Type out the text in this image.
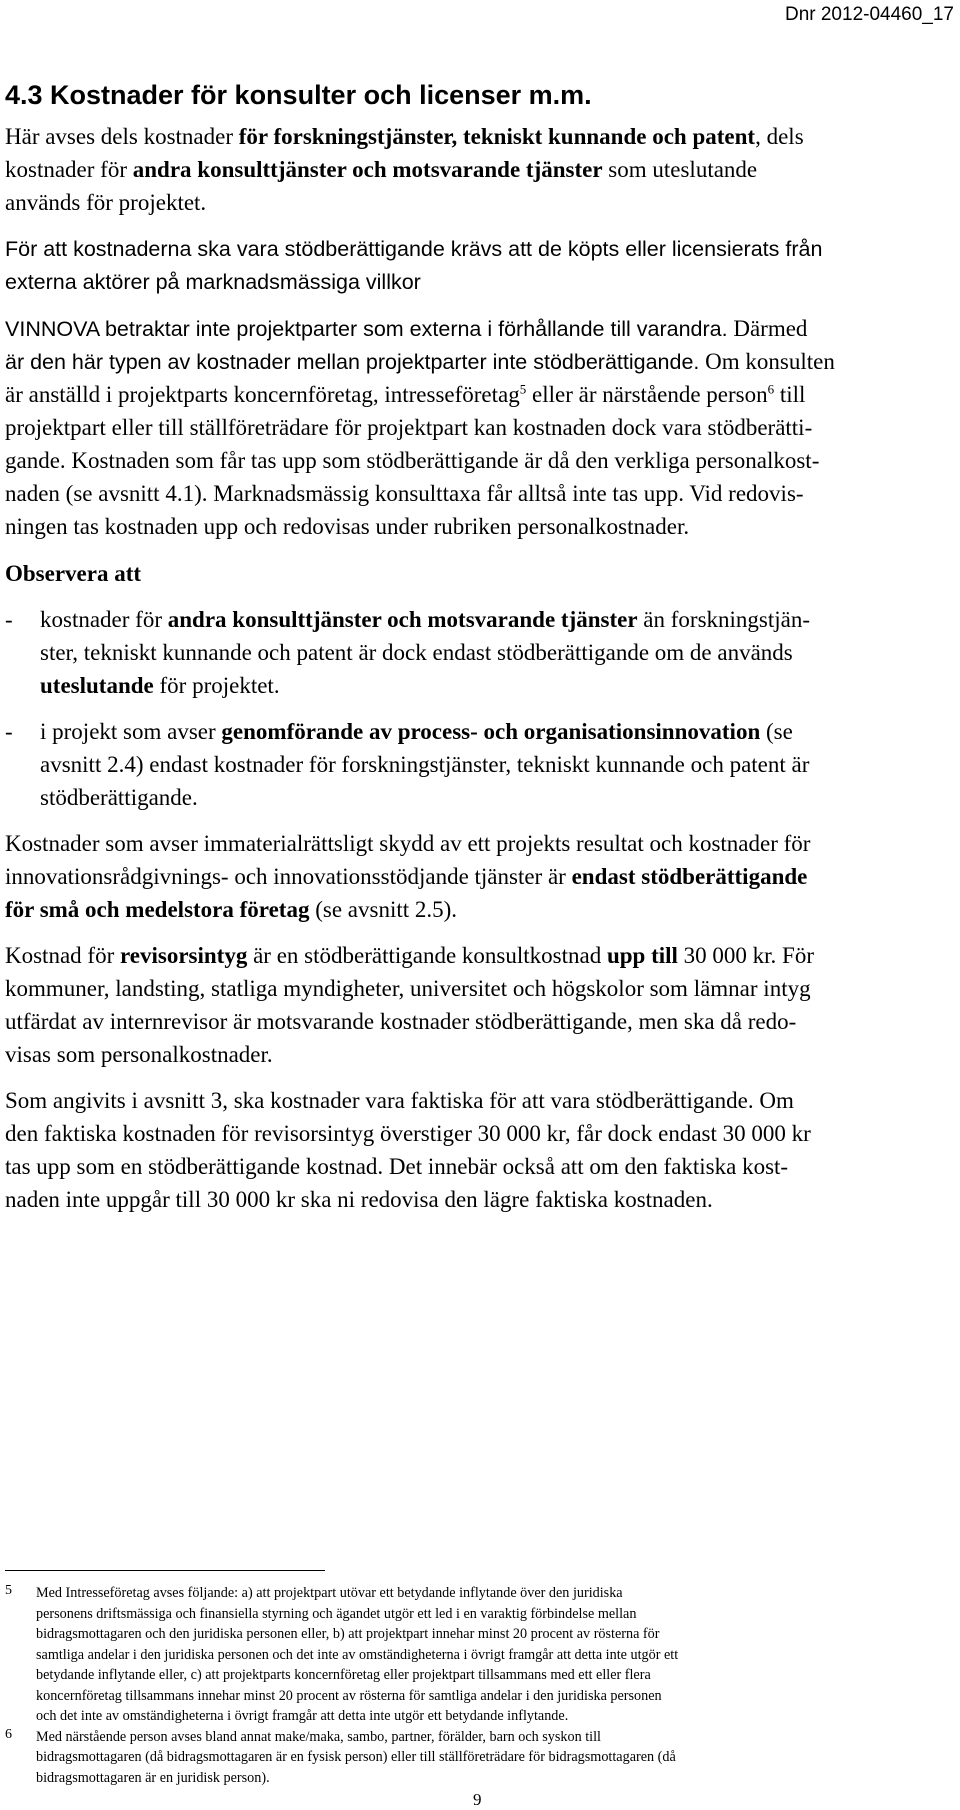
Dnr 2012-04460_17
4.3 Kostnader för konsulter och licenser m.m.
Här avses dels kostnader för forskningstjänster, tekniskt kunnande och patent, dels
kostnader för andra konsulttjänster och motsvarande tjänster som uteslutande
används för projektet.
För att kostnaderna ska vara stödberättigande krävs att de köpts eller licensierats från
externa aktörer på marknadsmässiga villkor
VINNOVA betraktar inte projektparter som externa i förhållande till varandra. Därmed
är den här typen av kostnader mellan projektparter inte stödberättigande. Om konsulten
är anställd i projektparts koncernföretag, intresseföretag$^5$ eller är närstående person$^6$ till
projektpart eller till ställföreträdare för projektpart kan kostnaden dock vara stödberätti-
gande. Kostnaden som får tas upp som stödberättigande är då den verkliga personalkost-
naden (se avsnitt 4.1). Marknadsmässig konsulttaxa får alltså inte tas upp. Vid redovis-
ningen tas kostnaden upp och redovisas under rubriken personalkostnader.
Observera att
- kostnader för andra konsulttjänster och motsvarande tjänster än forskningstjän-
ster, tekniskt kunnande och patent är dock endast stödberättigande om de används
uteslutande för projektet.
- i projekt som avser genomförande av process- och organisationsinnovation (se
avsnitt 2.4) endast kostnader för forskningstjänster, tekniskt kunnande och patent är
stödberättigande.
Kostnader som avser immaterialrättsligt skydd av ett projekts resultat och kostnader för
innovationsrådgivnings- och innovationsstödjande tjänster är endast stödberättigande
för små och medelstora företag (se avsnitt 2.5).
Kostnad för revisorsintyg är en stödberättigande konsultkostnad upp till 30 000 kr. För
kommuner, landsting, statliga myndigheter, universitet och högskolor som lämnar intyg
utfärdat av internrevisor är motsvarande kostnader stödberättigande, men ska då redo-
visas som personalkostnader.
Som angivits i avsnitt 3, ska kostnader vara faktiska för att vara stödberättigande. Om
den faktiska kostnaden för revisorsintyg överstiger 30 000 kr, får dock endast 30 000 kr
tas upp som en stödberättigande kostnad. Det innebär också att om den faktiska kost-
naden inte uppgår till 30 000 kr ska ni redovisa den lägre faktiska kostnaden.
5 Med Intresseföretag avses följande: a) att projektpart utövar ett betydande inflytande över den juridiska
personens driftsmässiga och finansiella styrning och ägandet utgör ett led i en varaktig förbindelse mellan
bidragsmottagaren och den juridiska personen eller, b) att projektpart innehar minst 20 procent av rösterna för
samtliga andelar i den juridiska personen och det inte av omständigheterna i övrigt framgår att detta inte utgör ett
betydande inflytande eller, c) att projektparts koncernföretag eller projektpart tillsammans med ett eller flera
koncernföretag tillsammans innehar minst 20 procent av rösterna för samtliga andelar i den juridiska personen
och det inte av omständigheterna i övrigt framgår att detta inte utgör ett betydande inflytande.
6 Med närstående person avses bland annat make/maka, sambo, partner, förälder, barn och syskon till
bidragsmottagaren (då bidragsmottagaren är en fysisk person) eller till ställföreträdare för bidragsmottagaren (då
bidragsmottagaren är en juridisk person).
9
